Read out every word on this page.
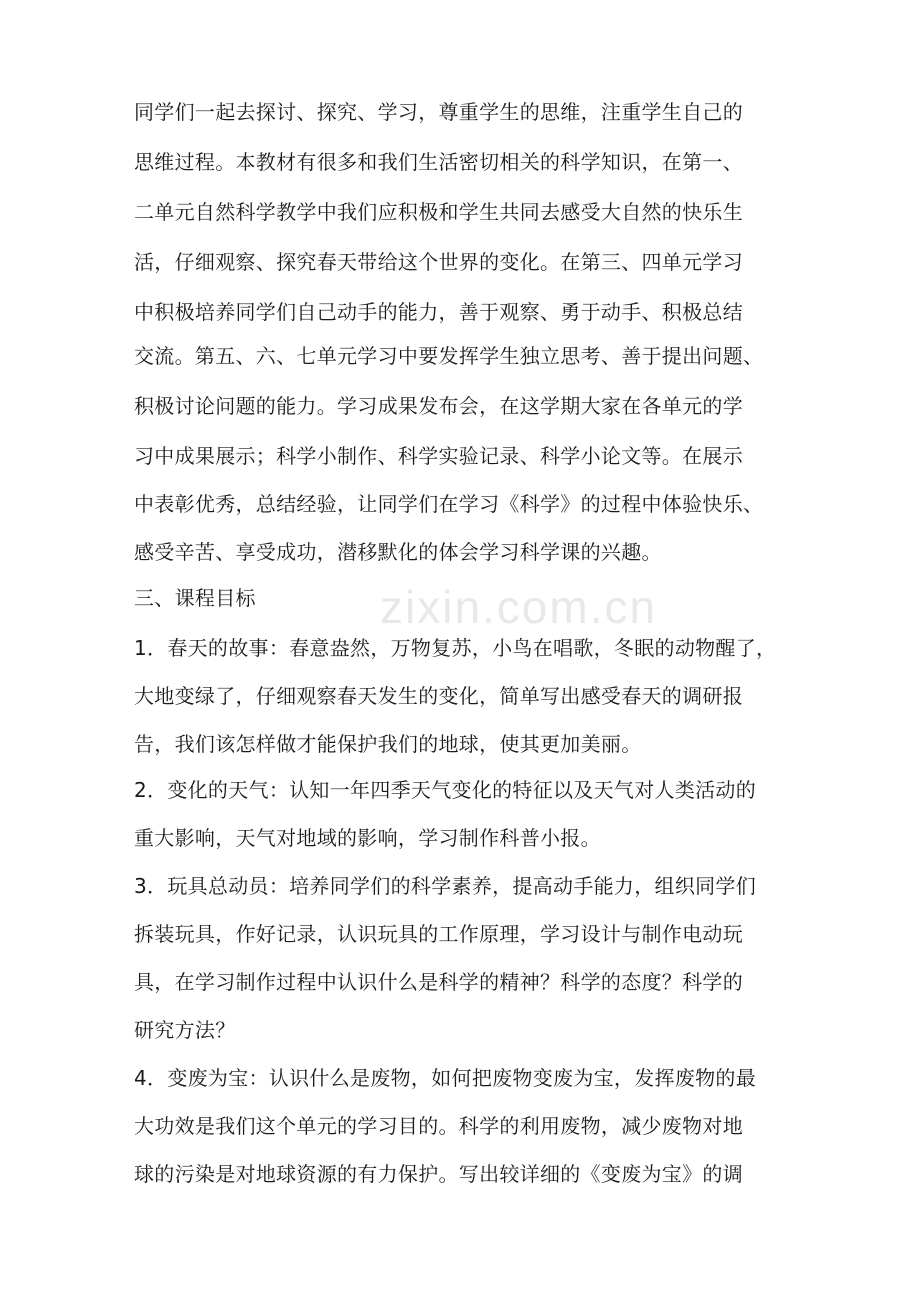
zixin.com.cn
同学们一起去探讨、探究、学习，尊重学生的思维，注重学生自己的
思维过程。本教材有很多和我们生活密切相关的科学知识，在第一、
二单元自然科学教学中我们应积极和学生共同去感受大自然的快乐生
活，仔细观察、探究春天带给这个世界的变化。在第三、四单元学习
中积极培养同学们自己动手的能力，善于观察、勇于动手、积极总结
交流。第五、六、七单元学习中要发挥学生独立思考、善于提出问题、
积极讨论问题的能力。学习成果发布会，在这学期大家在各单元的学
习中成果展示；科学小制作、科学实验记录、科学小论文等。在展示
中表彰优秀，总结经验，让同学们在学习《科学》的过程中体验快乐、
感受辛苦、享受成功，潜移默化的体会学习科学课的兴趣。
三、课程目标
1．春天的故事：春意盎然，万物复苏，小鸟在唱歌，冬眠的动物醒了，
大地变绿了，仔细观察春天发生的变化，简单写出感受春天的调研报
告，我们该怎样做才能保护我们的地球，使其更加美丽。
2．变化的天气：认知一年四季天气变化的特征以及天气对人类活动的
重大影响，天气对地域的影响，学习制作科普小报。
3．玩具总动员：培养同学们的科学素养，提高动手能力，组织同学们
拆装玩具，作好记录，认识玩具的工作原理，学习设计与制作电动玩
具，在学习制作过程中认识什么是科学的精神？科学的态度？科学的
研究方法？
4．变废为宝：认识什么是废物，如何把废物变废为宝，发挥废物的最
大功效是我们这个单元的学习目的。科学的利用废物，减少废物对地
球的污染是对地球资源的有力保护。写出较详细的《变废为宝》的调
